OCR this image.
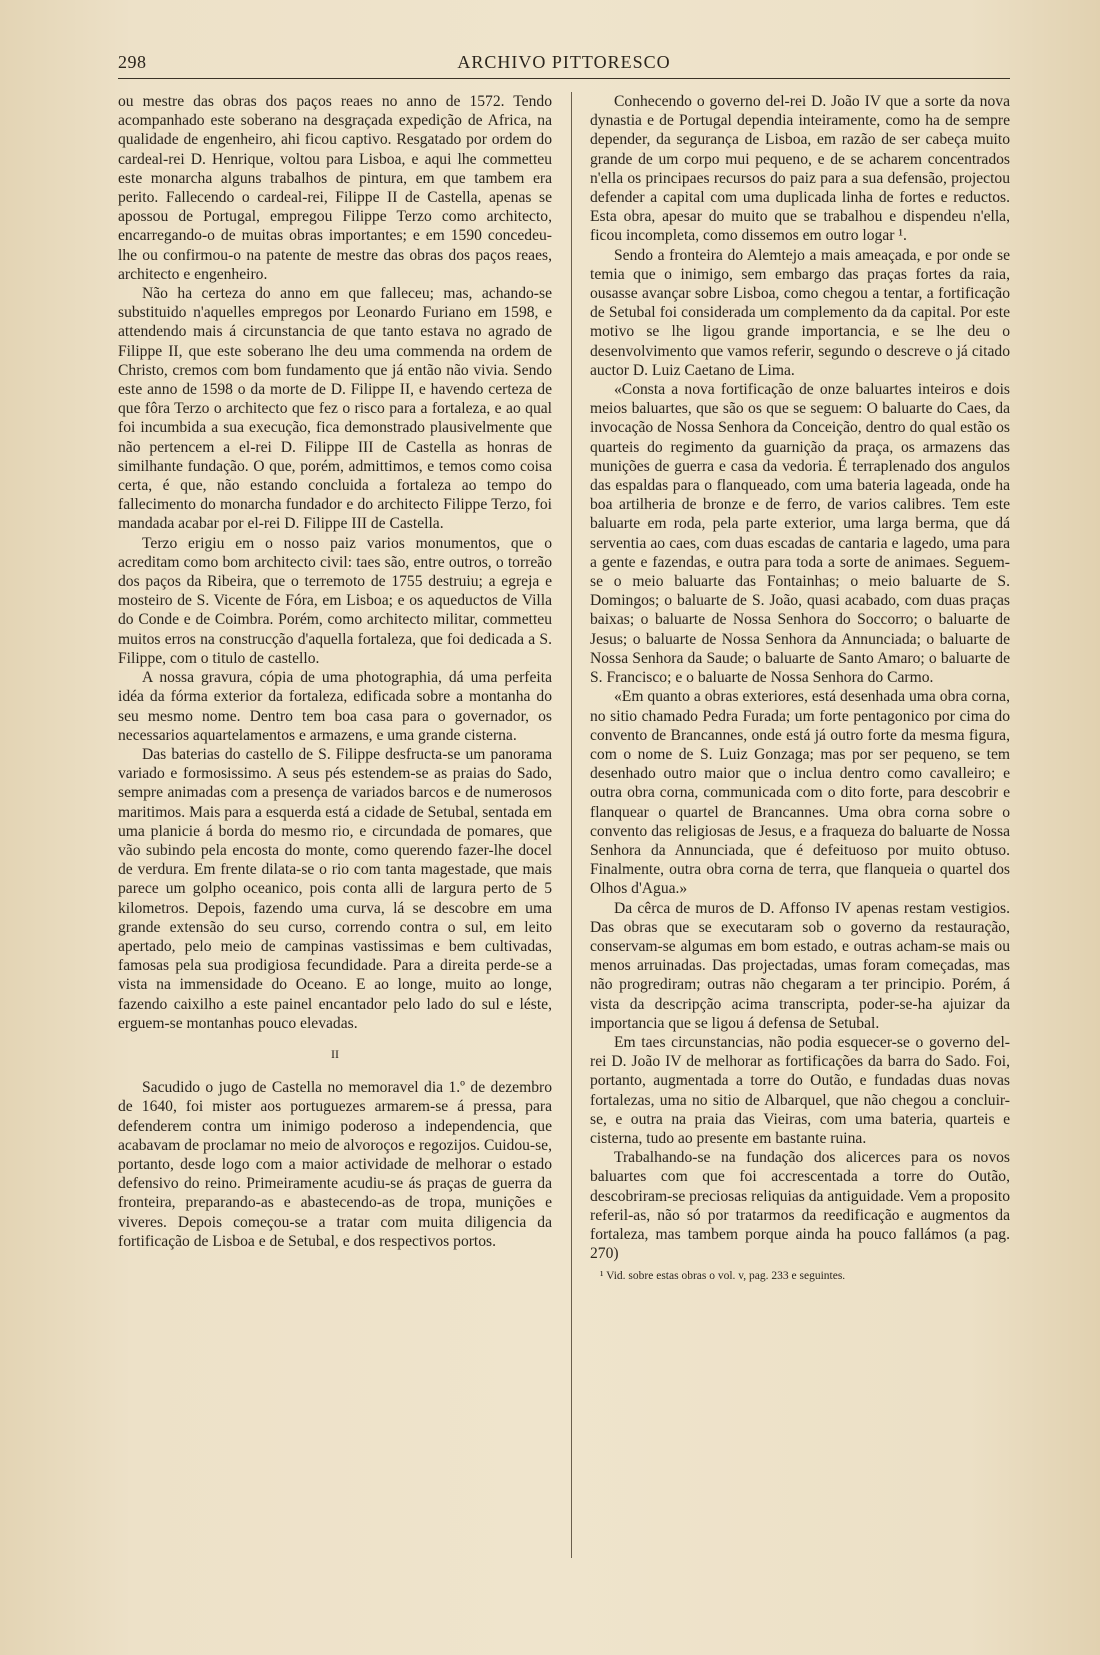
298	ARCHIVO PITTORESCO

ou mestre das obras dos paços reaes no anno de 1572. Tendo acompanhado este soberano na desgraçada expedição de Africa, na qualidade de engenheiro, ahi ficou captivo. Resgatado por ordem do cardeal-rei D. Henrique, voltou para Lisboa, e aqui lhe commetteu este monarcha alguns trabalhos de pintura, em que tambem era perito. Fallecendo o cardeal-rei, Filippe II de Castella, apenas se apossou de Portugal, empregou Filippe Terzo como architecto, encarregando-o de muitas obras importantes; e em 1590 concedeu-lhe ou confirmou-o na patente de mestre das obras dos paços reaes, architecto e engenheiro.

Não ha certeza do anno em que falleceu; mas, achando-se substituido n'aquelles empregos por Leonardo Furiano em 1598, e attendendo mais á circunstancia de que tanto estava no agrado de Filippe II, que este soberano lhe deu uma commenda na ordem de Christo, cremos com bom fundamento que já então não vivia. Sendo este anno de 1598 o da morte de D. Filippe II, e havendo certeza de que fôra Terzo o architecto que fez o risco para a fortaleza, e ao qual foi incumbida a sua execução, fica demonstrado plausivelmente que não pertencem a el-rei D. Filippe III de Castella as honras de similhante fundação. O que, porém, admittimos, e temos como coisa certa, é que, não estando concluida a fortaleza ao tempo do fallecimento do monarcha fundador e do architecto Filippe Terzo, foi mandada acabar por el-rei D. Filippe III de Castella.

Terzo erigiu em o nosso paiz varios monumentos, que o acreditam como bom architecto civil: taes são, entre outros, o torreão dos paços da Ribeira, que o terremoto de 1755 destruiu; a egreja e mosteiro de S. Vicente de Fóra, em Lisboa; e os aqueductos de Villa do Conde e de Coimbra. Porém, como architecto militar, commetteu muitos erros na construcção d'aquella fortaleza, que foi dedicada a S. Filippe, com o titulo de castello.

A nossa gravura, cópia de uma photographia, dá uma perfeita idéa da fórma exterior da fortaleza, edificada sobre a montanha do seu mesmo nome. Dentro tem boa casa para o governador, os necessarios aquartelamentos e armazens, e uma grande cisterna.

Das baterias do castello de S. Filippe desfructa-se um panorama variado e formosissimo. A seus pés estendem-se as praias do Sado, sempre animadas com a presença de variados barcos e de numerosos maritimos. Mais para a esquerda está a cidade de Setubal, sentada em uma planicie á borda do mesmo rio, e circundada de pomares, que vão subindo pela encosta do monte, como querendo fazer-lhe docel de verdura. Em frente dilata-se o rio com tanta magestade, que mais parece um golpho oceanico, pois conta alli de largura perto de 5 kilometros. Depois, fazendo uma curva, lá se descobre em uma grande extensão do seu curso, correndo contra o sul, em leito apertado, pelo meio de campinas vastissimas e bem cultivadas, famosas pela sua prodigiosa fecundidade. Para a direita perde-se a vista na immensidade do Oceano. E ao longe, muito ao longe, fazendo caixilho a este painel encantador pelo lado do sul e léste, erguem-se montanhas pouco elevadas.

II

Sacudido o jugo de Castella no memoravel dia 1.º de dezembro de 1640, foi mister aos portuguezes armarem-se á pressa, para defenderem contra um inimigo poderoso a independencia, que acabavam de proclamar no meio de alvoroços e regozijos. Cuidou-se, portanto, desde logo com a maior actividade de melhorar o estado defensivo do reino. Primeiramente acudiu-se ás praças de guerra da fronteira, preparando-as e abastecendo-as de tropa, munições e viveres. Depois começou-se a tratar com muita diligencia da fortificação de Lisboa e de Setubal, e dos respectivos portos.

Conhecendo o governo del-rei D. João IV que a sorte da nova dynastia e de Portugal dependia inteiramente, como ha de sempre depender, da segurança de Lisboa, em razão de ser cabeça muito grande de um corpo mui pequeno, e de se acharem concentrados n'ella os principaes recursos do paiz para a sua defensão, projectou defender a capital com uma duplicada linha de fortes e reductos. Esta obra, apesar do muito que se trabalhou e dispendeu n'ella, ficou incompleta, como dissemos em outro logar ¹.

Sendo a fronteira do Alemtejo a mais ameaçada, e por onde se temia que o inimigo, sem embargo das praças fortes da raia, ousasse avançar sobre Lisboa, como chegou a tentar, a fortificação de Setubal foi considerada um complemento da da capital. Por este motivo se lhe ligou grande importancia, e se lhe deu o desenvolvimento que vamos referir, segundo o descreve o já citado auctor D. Luiz Caetano de Lima.

«Consta a nova fortificação de onze baluartes inteiros e dois meios baluartes, que são os que se seguem: O baluarte do Caes, da invocação de Nossa Senhora da Conceição, dentro do qual estão os quarteis do regimento da guarnição da praça, os armazens das munições de guerra e casa da vedoria. É terraplenado dos angulos das espaldas para o flanqueado, com uma bateria lageada, onde ha boa artilheria de bronze e de ferro, de varios calibres. Tem este baluarte em roda, pela parte exterior, uma larga berma, que dá serventia ao caes, com duas escadas de cantaria e lagedo, uma para a gente e fazendas, e outra para toda a sorte de animaes. Seguem-se o meio baluarte das Fontainhas; o meio baluarte de S. Domingos; o baluarte de S. João, quasi acabado, com duas praças baixas; o baluarte de Nossa Senhora do Soccorro; o baluarte de Jesus; o baluarte de Nossa Senhora da Annunciada; o baluarte de Nossa Senhora da Saude; o baluarte de Santo Amaro; o baluarte de S. Francisco; e o baluarte de Nossa Senhora do Carmo.

«Em quanto a obras exteriores, está desenhada uma obra corna, no sitio chamado Pedra Furada; um forte pentagonico por cima do convento de Brancannes, onde está já outro forte da mesma figura, com o nome de S. Luiz Gonzaga; mas por ser pequeno, se tem desenhado outro maior que o inclua dentro como cavalleiro; e outra obra corna, communicada com o dito forte, para descobrir e flanquear o quartel de Brancannes. Uma obra corna sobre o convento das religiosas de Jesus, e a fraqueza do baluarte de Nossa Senhora da Annunciada, que é defeituoso por muito obtuso. Finalmente, outra obra corna de terra, que flanqueia o quartel dos Olhos d'Agua.»

Da cêrca de muros de D. Affonso IV apenas restam vestigios. Das obras que se executaram sob o governo da restauração, conservam-se algumas em bom estado, e outras acham-se mais ou menos arruinadas. Das projectadas, umas foram começadas, mas não progrediram; outras não chegaram a ter principio. Porém, á vista da descripção acima transcripta, poder-se-ha ajuizar da importancia que se ligou á defensa de Setubal.

Em taes circunstancias, não podia esquecer-se o governo del-rei D. João IV de melhorar as fortificações da barra do Sado. Foi, portanto, augmentada a torre do Outão, e fundadas duas novas fortalezas, uma no sitio de Albarquel, que não chegou a concluir-se, e outra na praia das Vieiras, com uma bateria, quarteis e cisterna, tudo ao presente em bastante ruina.

Trabalhando-se na fundação dos alicerces para os novos baluartes com que foi accrescentada a torre do Outão, descobriram-se preciosas reliquias da antiguidade. Vem a proposito referil-as, não só por tratarmos da reedificação e augmentos da fortaleza, mas tambem porque ainda ha pouco fallámos (a pag. 270)

¹ Vid. sobre estas obras o vol. v, pag. 233 e seguintes.
